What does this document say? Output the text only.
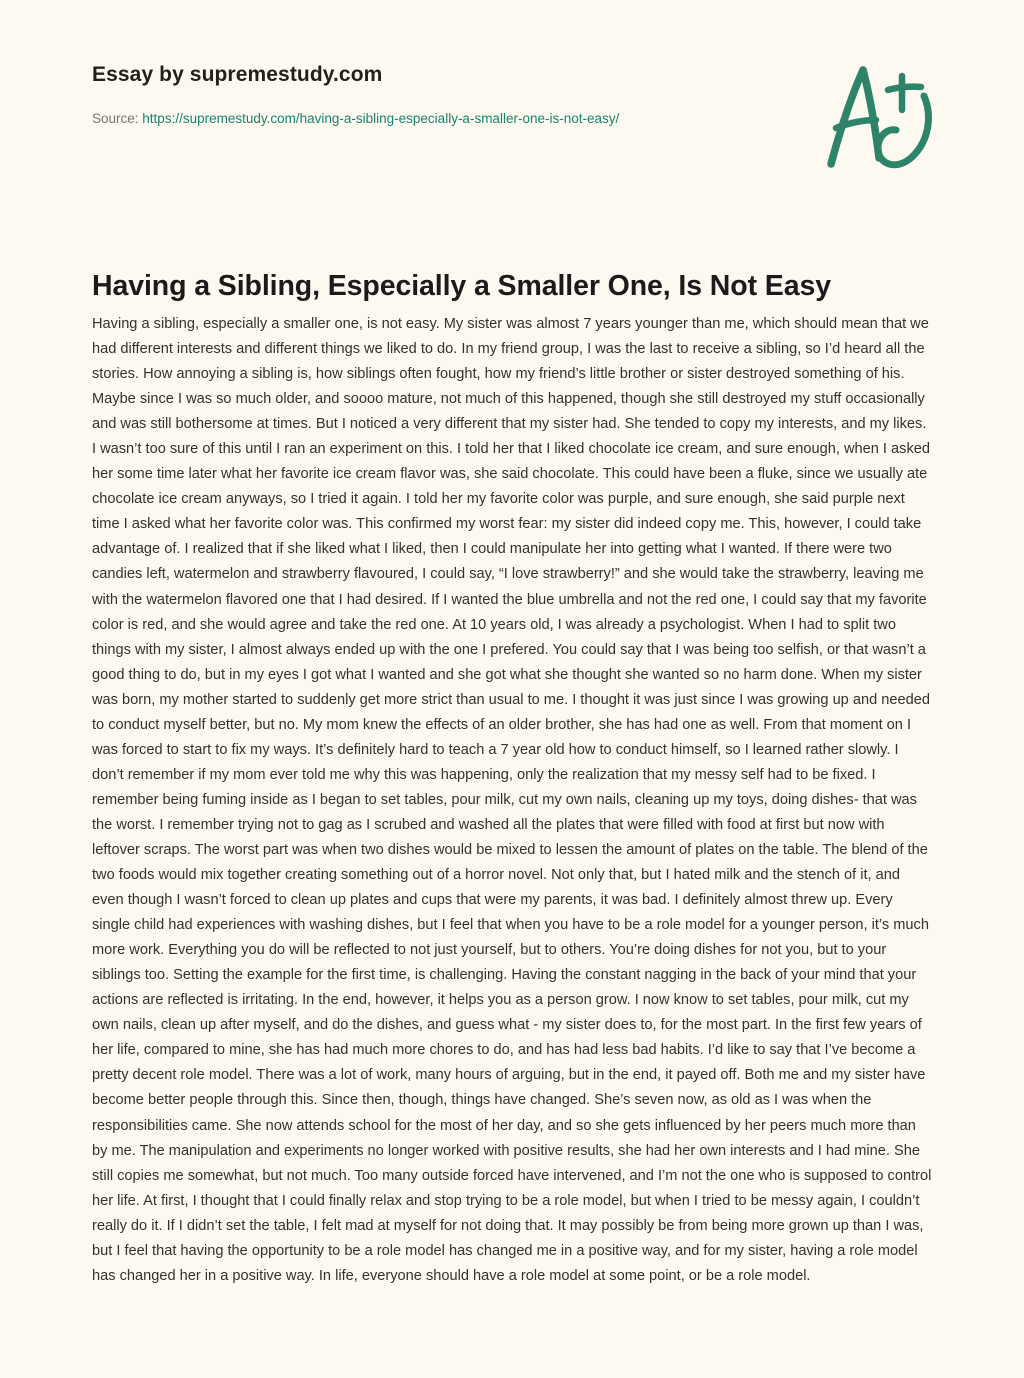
Essay by supremestudy.com
Source: https://supremestudy.com/having-a-sibling-especially-a-smaller-one-is-not-easy/
Having a Sibling, Especially a Smaller One, Is Not Easy

Having a sibling, especially a smaller one, is not easy. My sister was almost 7 years younger than me, which should mean that we had different interests and different things we liked to do. In my friend group, I was the last to receive a sibling, so I’d heard all the stories. How annoying a sibling is, how siblings often fought, how my friend’s little brother or sister destroyed something of his. Maybe since I was so much older, and soooo mature, not much of this happened, though she still destroyed my stuff occasionally and was still bothersome at times. But I noticed a very different that my sister had. She tended to copy my interests, and my likes. I wasn’t too sure of this until I ran an experiment on this. I told her that I liked chocolate ice cream, and sure enough, when I asked her some time later what her favorite ice cream flavor was, she said chocolate. This could have been a fluke, since we usually ate chocolate ice cream anyways, so I tried it again. I told her my favorite color was purple, and sure enough, she said purple next time I asked what her favorite color was. This confirmed my worst fear: my sister did indeed copy me. This, however, I could take advantage of. I realized that if she liked what I liked, then I could manipulate her into getting what I wanted. If there were two candies left, watermelon and strawberry flavoured, I could say, “I love strawberry!” and she would take the strawberry, leaving me with the watermelon flavored one that I had desired. If I wanted the blue umbrella and not the red one, I could say that my favorite color is red, and she would agree and take the red one. At 10 years old, I was already a psychologist. When I had to split two things with my sister, I almost always ended up with the one I prefered. You could say that I was being too selfish, or that wasn’t a good thing to do, but in my eyes I got what I wanted and she got what she thought she wanted so no harm done. When my sister was born, my mother started to suddenly get more strict than usual to me. I thought it was just since I was growing up and needed to conduct myself better, but no. My mom knew the effects of an older brother, she has had one as well. From that moment on I was forced to start to fix my ways. It’s definitely hard to teach a 7 year old how to conduct himself, so I learned rather slowly. I don’t remember if my mom ever told me why this was happening, only the realization that my messy self had to be fixed. I remember being fuming inside as I began to set tables, pour milk, cut my own nails, cleaning up my toys, doing dishes- that was the worst. I remember trying not to gag as I scrubed and washed all the plates that were filled with food at first but now with leftover scraps. The worst part was when two dishes would be mixed to lessen the amount of plates on the table. The blend of the two foods would mix together creating something out of a horror novel. Not only that, but I hated milk and the stench of it, and even though I wasn’t forced to clean up plates and cups that were my parents, it was bad. I definitely almost threw up. Every single child had experiences with washing dishes, but I feel that when you have to be a role model for a younger person, it’s much more work. Everything you do will be reflected to not just yourself, but to others. You’re doing dishes for not you, but to your siblings too. Setting the example for the first time, is challenging. Having the constant nagging in the back of your mind that your actions are reflected is irritating. In the end, however, it helps you as a person grow. I now know to set tables, pour milk, cut my own nails, clean up after myself, and do the dishes, and guess what - my sister does to, for the most part. In the first few years of her life, compared to mine, she has had much more chores to do, and has had less bad habits. I’d like to say that I’ve become a pretty decent role model. There was a lot of work, many hours of arguing, but in the end, it payed off. Both me and my sister have become better people through this. Since then, though, things have changed. She’s seven now, as old as I was when the responsibilities came. She now attends school for the most of her day, and so she gets influenced by her peers much more than by me. The manipulation and experiments no longer worked with positive results, she had her own interests and I had mine. She still copies me somewhat, but not much. Too many outside forced have intervened, and I’m not the one who is supposed to control her life. At first, I thought that I could finally relax and stop trying to be a role model, but when I tried to be messy again, I couldn’t really do it. If I didn’t set the table, I felt mad at myself for not doing that. It may possibly be from being more grown up than I was, but I feel that having the opportunity to be a role model has changed me in a positive way, and for my sister, having a role model has changed her in a positive way. In life, everyone should have a role model at some point, or be a role model.
